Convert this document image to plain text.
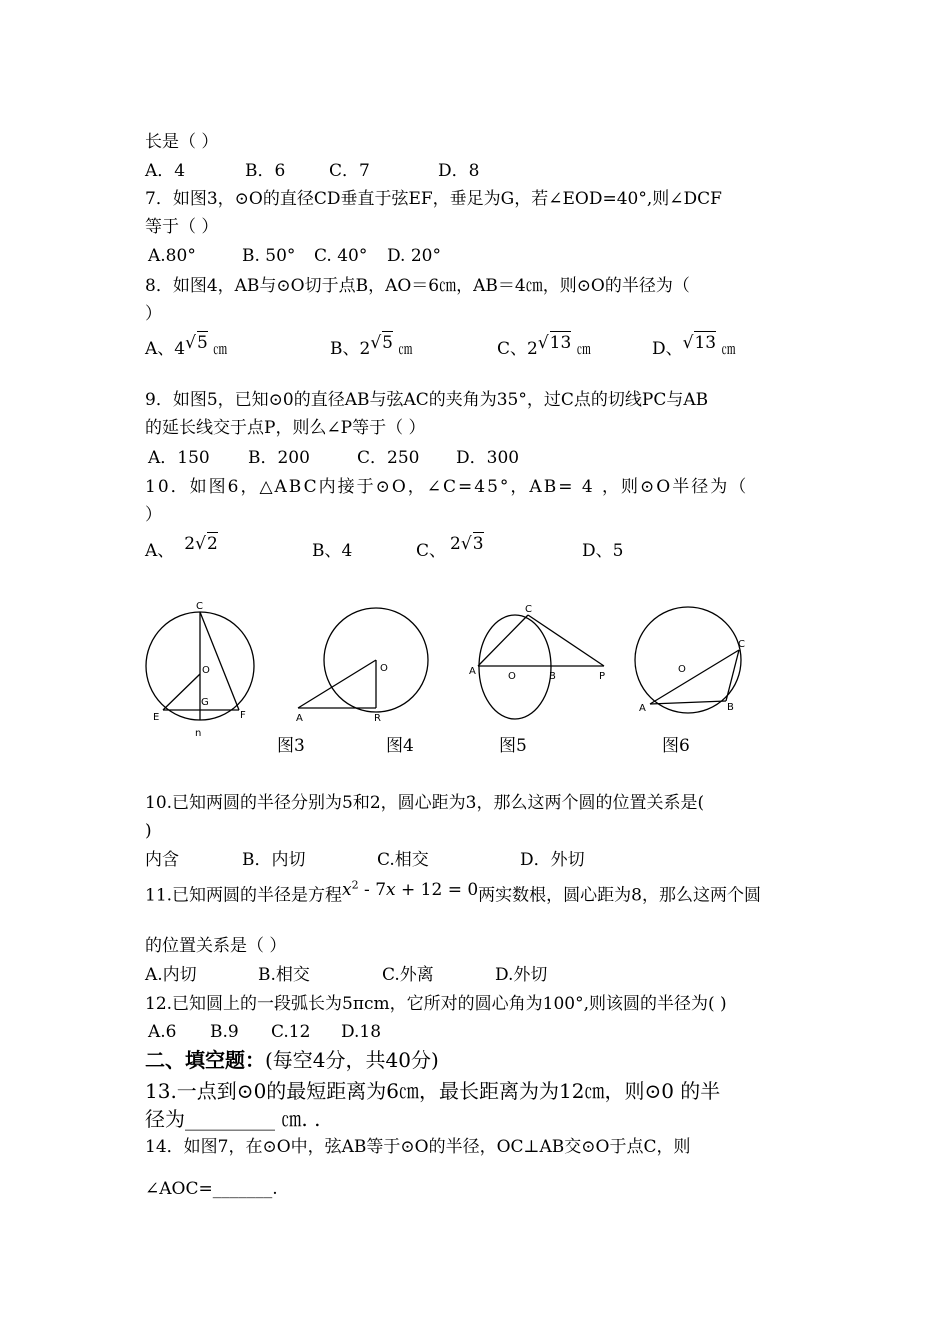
长是（ ）
A．4	B．6	C．7	D．8
7．如图3，⊙O的直径CD垂直于弦EF，垂足为G，若∠EOD=40°,则∠DCF
等于（ ）
A.80°	B. 50° C. 40° D. 20°
8．如图4，AB与⊙O切于点B，AO＝6㎝，AB＝4㎝，则⊙O的半径为（
）
A、4√5 ㎝	B、2√5 ㎝	C、2√13 ㎝	D、√13 ㎝
9．如图5，已知⊙0的直径AB与弦AC的夹角为35°，过C点的切线PC与AB
的延长线交于点P，则么∠P等于（ ）
A．150 B．200	C．250 D．300
10．如图6，△ABC内接于⊙O，∠C=45°，AB= 4 ，则⊙O半径为（
）
A、 2√2	B、4	C、 2√3	D、5
C
O
G
E	F
n
O
A	R
C
A	O	B	P
C
O
A	B
图3	图4	图5	图6
10.已知两圆的半径分别为5和2，圆心距为3，那么这两个圆的位置关系是(
)
内含	B．内切	C.相交	D．外切
11.已知两圆的半径是方程$x^2 - 7x + 12 = 0$两实数根，圆心距为8，那么这两个圆
的位置关系是（ ）
A.内切	B.相交	C.外离	D.外切
12.已知圆上的一段弧长为5πcm，它所对的圆心角为100°,则该圆的半径为( )
A.6 B.9 C.12 D.18
二、填空题：(每空4分，共40分)
13.一点到⊙0的最短距离为6㎝，最长距离为为12㎝，则⊙0 的半
径为_________ ㎝. .
14．如图7，在⊙O中，弦AB等于⊙O的半径，OC⊥AB交⊙O于点C，则
∠AOC=_______.
